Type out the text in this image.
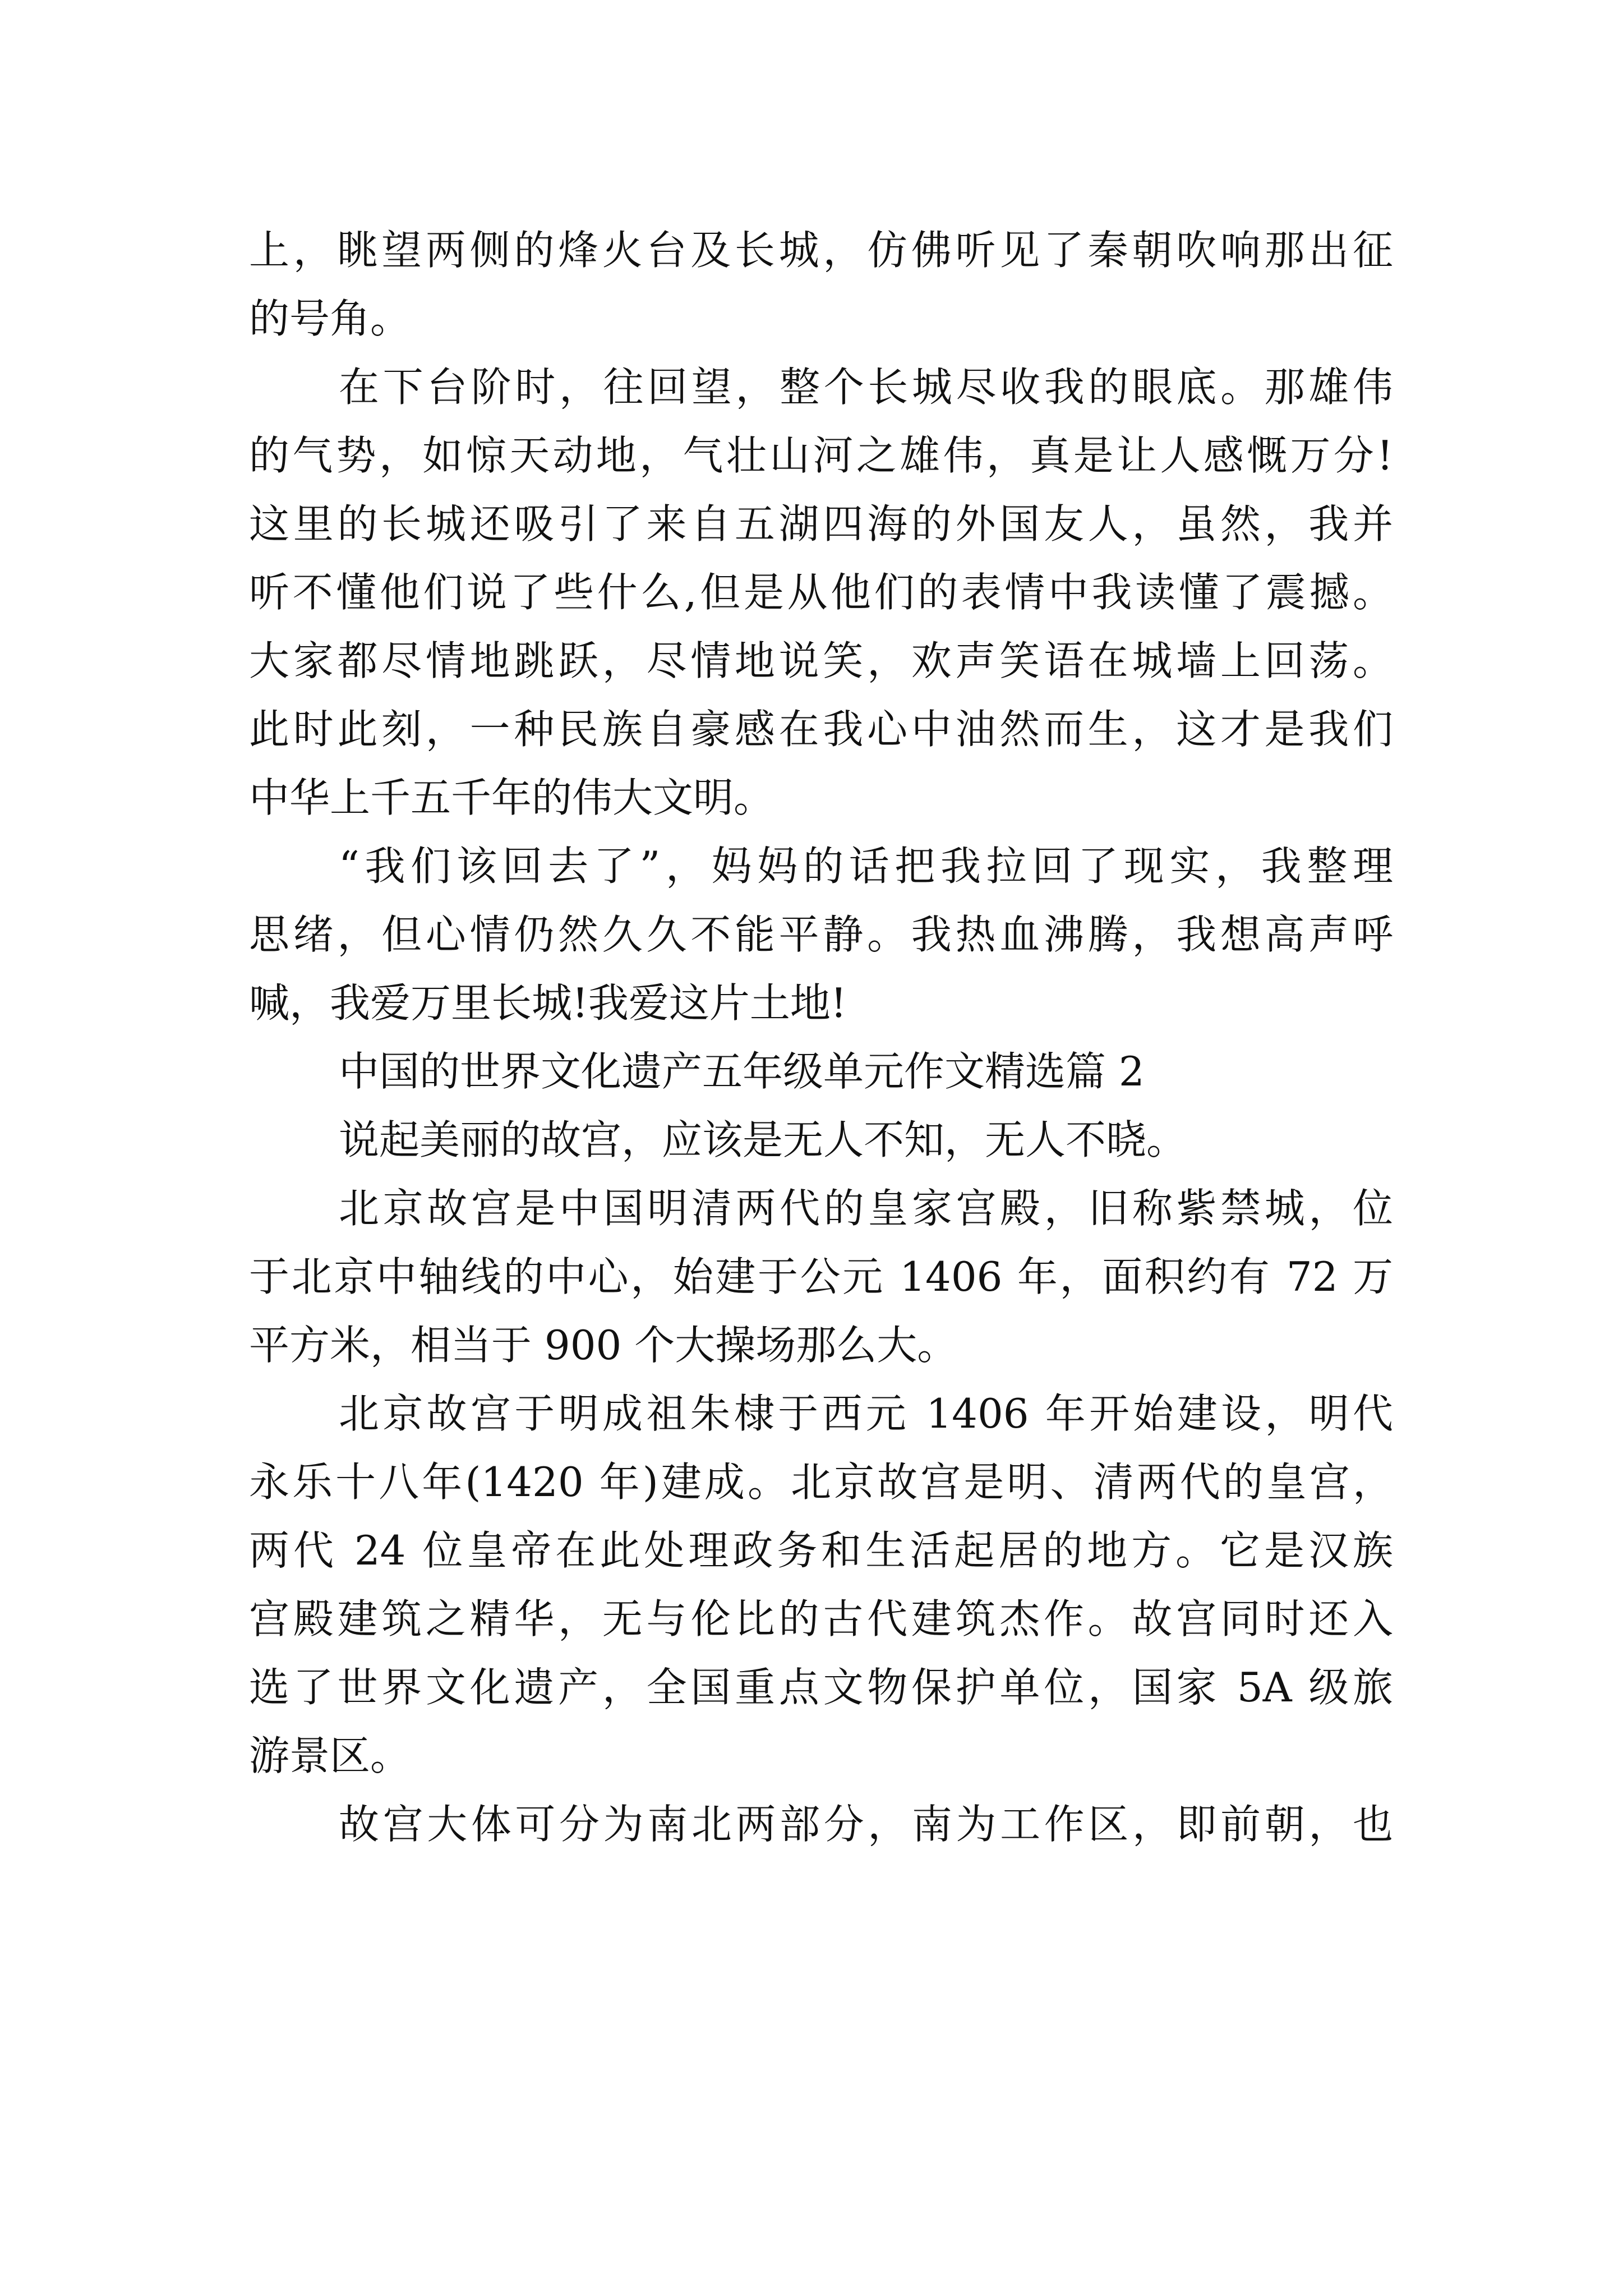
上，眺望两侧的烽火台及长城，仿佛听见了秦朝吹响那出征
的号角。
在下台阶时，往回望，整个长城尽收我的眼底。那雄伟
的气势，如惊天动地，气壮山河之雄伟，真是让人感慨万分!
这里的长城还吸引了来自五湖四海的外国友人，虽然，我并
听不懂他们说了些什么,但是从他们的表情中我读懂了震撼。
大家都尽情地跳跃，尽情地说笑，欢声笑语在城墙上回荡。
此时此刻，一种民族自豪感在我心中油然而生，这才是我们
中华上千五千年的伟大文明。
“我们该回去了”，妈妈的话把我拉回了现实，我整理
思绪，但心情仍然久久不能平静。我热血沸腾，我想高声呼
喊，我爱万里长城!我爱这片土地!
中国的世界文化遗产五年级单元作文精选篇 2
说起美丽的故宫，应该是无人不知，无人不晓。
北京故宫是中国明清两代的皇家宫殿，旧称紫禁城，位
于北京中轴线的中心，始建于公元 1406 年，面积约有 72 万
平方米，相当于 900 个大操场那么大。
北京故宫于明成祖朱棣于西元 1406 年开始建设，明代
永乐十八年(1420 年)建成。北京故宫是明、清两代的皇宫，
两代 24 位皇帝在此处理政务和生活起居的地方。它是汉族
宫殿建筑之精华，无与伦比的古代建筑杰作。故宫同时还入
选了世界文化遗产，全国重点文物保护单位，国家 5A 级旅
游景区。
故宫大体可分为南北两部分，南为工作区，即前朝，也
